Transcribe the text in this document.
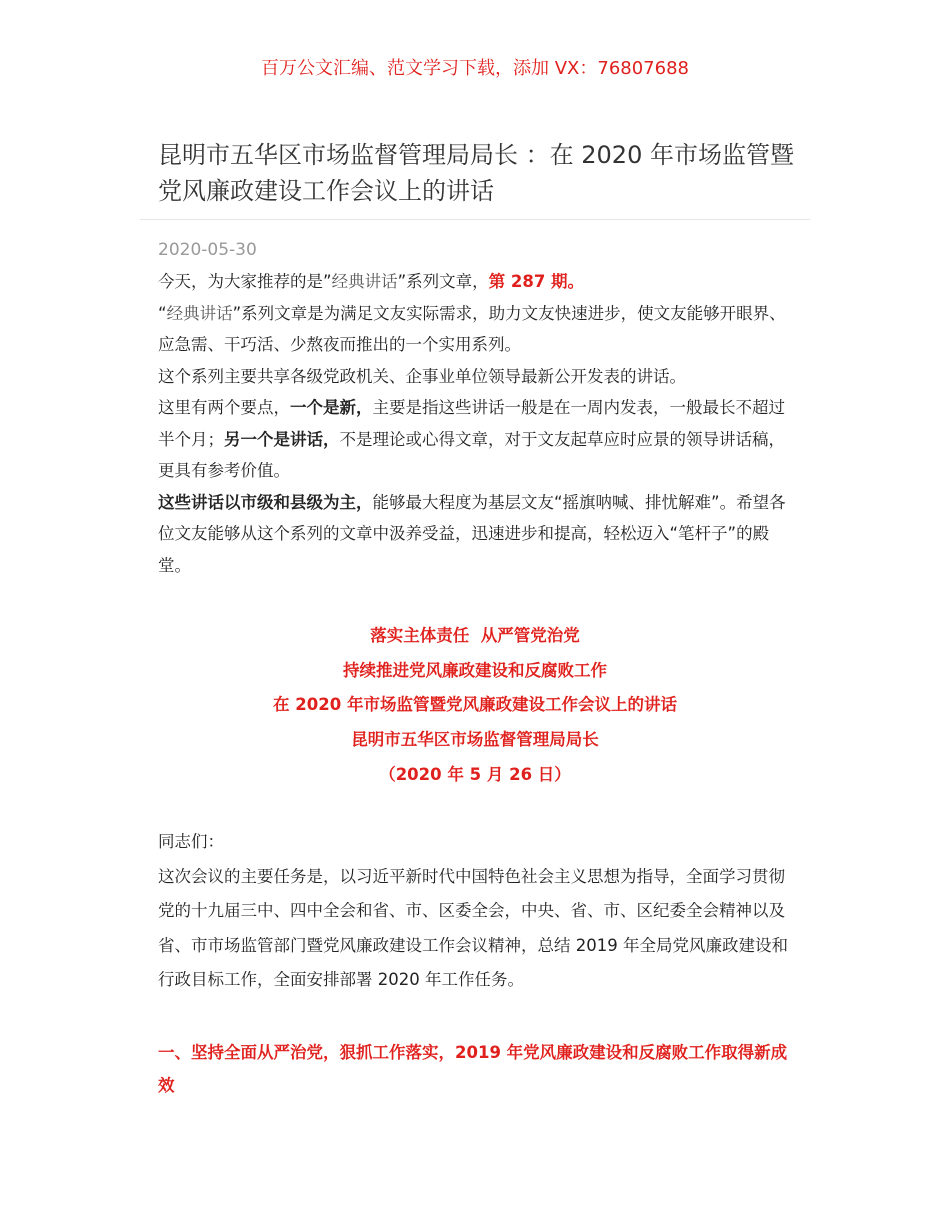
百万公文汇编、范文学习下载，添加 VX：76807688
昆明市五华区市场监督管理局局长 ：在 2020 年市场监管暨党风廉政建设工作会议上的讲话
2020-05-30

今天，为大家推荐的是”经典讲话”系列文章，第 287 期。

“经典讲话”系列文章是为满足文友实际需求，助力文友快速进步，使文友能够开眼界、应急需、干巧活、少熬夜而推出的一个实用系列。

这个系列主要共享各级党政机关、企事业单位领导最新公开发表的讲话。

这里有两个要点，一个是新，主要是指这些讲话一般是在一周内发表，一般最长不超过半个月；另一个是讲话，不是理论或心得文章，对于文友起草应时应景的领导讲话稿，更具有参考价值。

这些讲话以市级和县级为主，能够最大程度为基层文友“摇旗呐喊、排忧解难”。希望各位文友能够从这个系列的文章中汲养受益，迅速进步和提高，轻松迈入“笔杆子”的殿堂。

落实主体责任  从严管党治党
持续推进党风廉政建设和反腐败工作
在 2020 年市场监管暨党风廉政建设工作会议上的讲话
昆明市五华区市场监督管理局局长
（2020 年 5 月 26 日）

同志们：

这次会议的主要任务是，以习近平新时代中国特色社会主义思想为指导，全面学习贯彻党的十九届三中、四中全会和省、市、区委全会，中央、省、市、区纪委全会精神以及省、市市场监管部门暨党风廉政建设工作会议精神，总结 2019 年全局党风廉政建设和行政目标工作，全面安排部署 2020 年工作任务。

一、坚持全面从严治党，狠抓工作落实，2019 年党风廉政建设和反腐败工作取得新成效
